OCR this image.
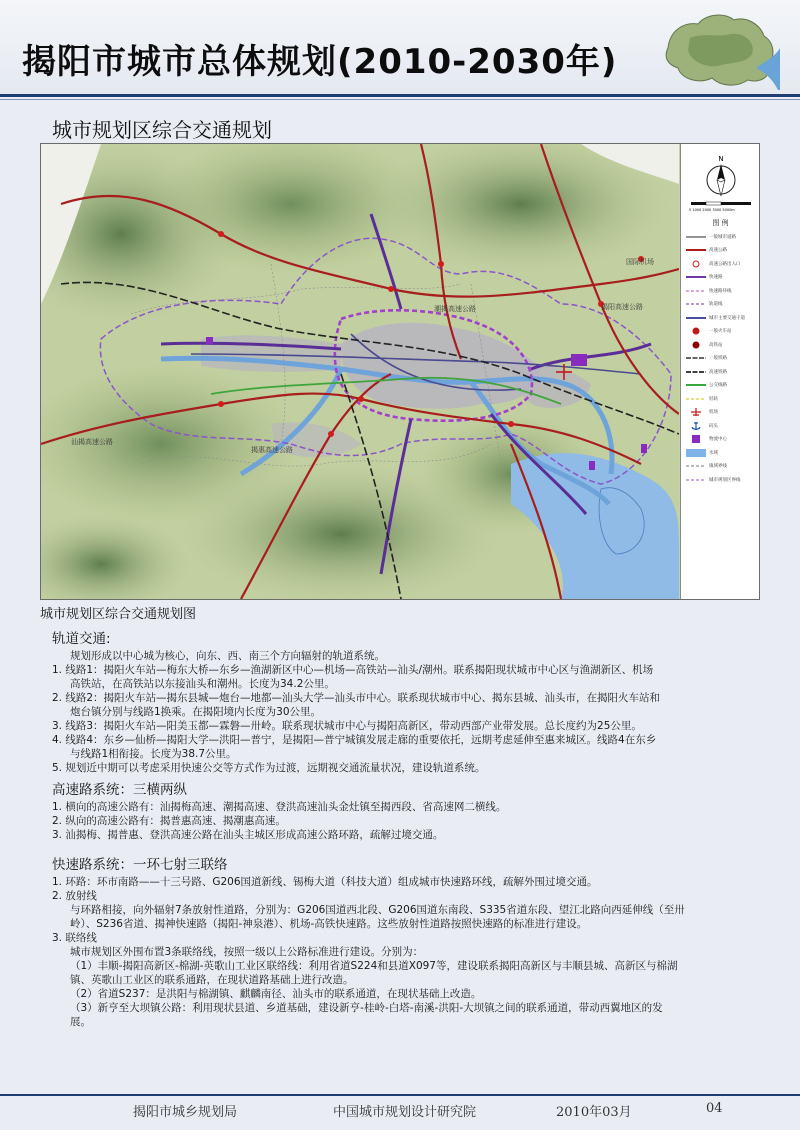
揭阳市城市总体规划(2010-2030年)
城市规划区综合交通规划
潮揭高速公路	揭阳高速公路
揭惠高速公路
国际机场
汕揭高速公路
N
0 1000 2000 3000 5000m
图 例
一般城市道路
高速公路
高速公路出入口
快速路
快速路环线
轨道线
城市主要交通干道
一般火车站
高铁站
一般铁路
高速铁路
公交线路
轻轨
机场
码头
物流中心
水域
镇域界线
城市规划区界线
城市规划区综合交通规划图
轨道交通:

规划形成以中心城为核心，向东、西、南三个方向辐射的轨道系统。

1. 线路1：揭阳火车站—梅东大桥—东乡—渔湖新区中心—机场—高铁站—汕头/潮州。联系揭阳现状城市中心区与渔湖新区、机场

高铁站，在高铁站以东接汕头和潮州。长度为34.2公里。

2. 线路2：揭阳火车站—揭东县城—炮台—地都—汕头大学—汕头市中心。联系现状城市中心、揭东县城、汕头市，在揭阳火车站和

炮台镇分别与线路1换乘。在揭阳境内长度为30公里。

3. 线路3：揭阳火车站—阳美玉都—霖磐—卅岭。联系现状城市中心与揭阳高新区，带动西部产业带发展。总长度约为25公里。

4. 线路4：东乡—仙桥—揭阳大学—洪阳—普宁，是揭阳—普宁城镇发展走廊的重要依托，远期考虑延伸至惠来城区。线路4在东乡

与线路1相衔接。长度为38.7公里。

5. 规划近中期可以考虑采用快速公交等方式作为过渡，远期视交通流量状况，建设轨道系统。

高速路系统：三横两纵

1. 横向的高速公路有：汕揭梅高速、潮揭高速、登洪高速汕头金灶镇至揭西段、省高速网二横线。

2. 纵向的高速公路有：揭普惠高速、揭潮惠高速。

3. 汕揭梅、揭普惠、登洪高速公路在汕头主城区形成高速公路环路，疏解过境交通。

快速路系统：一环七射三联络

1. 环路：环市南路——十三号路、G206国道新线、锡梅大道（科技大道）组成城市快速路环线，疏解外围过境交通。

2. 放射线

与环路相接，向外辐射7条放射性道路，分别为：G206国道西北段、G206国道东南段、S335省道东段、望江北路向西延伸线（至卅

岭）、S236省道、揭神快速路（揭阳-神泉港）、机场-高铁快速路。这些放射性道路按照快速路的标准进行建设。

3. 联络线

城市规划区外围布置3条联络线，按照一级以上公路标准进行建设。分别为：

（1）丰顺-揭阳高新区-棉湖-英歌山工业区联络线：利用省道S224和县道X097等，建设联系揭阳高新区与丰顺县城、高新区与棉湖

镇、英歌山工业区的联系通路，在现状道路基础上进行改造。

（2）省道S237：是洪阳与棉湖镇、麒麟南径、汕头市的联系通道，在现状基础上改造。

（3）新亨至大坝镇公路：利用现状县道、乡道基础，建设新亨-桂岭-白塔-南溪-洪阳-大坝镇之间的联系通道，带动西翼地区的发

展。

揭阳市城乡规划局	中国城市规划设计研究院	2010年03月	04
